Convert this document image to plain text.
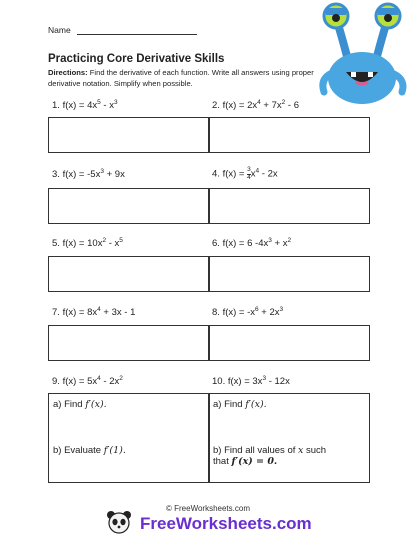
Name
Practicing Core Derivative Skills
Directions: Find the derivative of each function. Write all answers using proper derivative notation. Simplify when possible.
1. $f(x) = 4x^5 - x^3$	2. $f(x) = 2x^4 + 7x^2 - 6$
3. $f(x) = -5x^3 + 9x$	4. $f(x) = \frac{3}{4} x^4 - 2x$
5. $f(x) = 10x^2 - x^5$	6. f(x) = 6 $-4x^3 + x^2$
7. $f(x) = 8x^4 + 3x - 1$	8. $f(x) = -x^6 + 2x^3$
9. $f(x) = 5x^4 - 2x^2$	10. $f(x) = 3x^3 - 12x$
a) Find f′(x).
b) Evaluate f′(1).
a) Find f′(x).
b) Find all values of x such
that f′(x) = 0.
© FreeWorksheets.com
FreeWorksheets.com
